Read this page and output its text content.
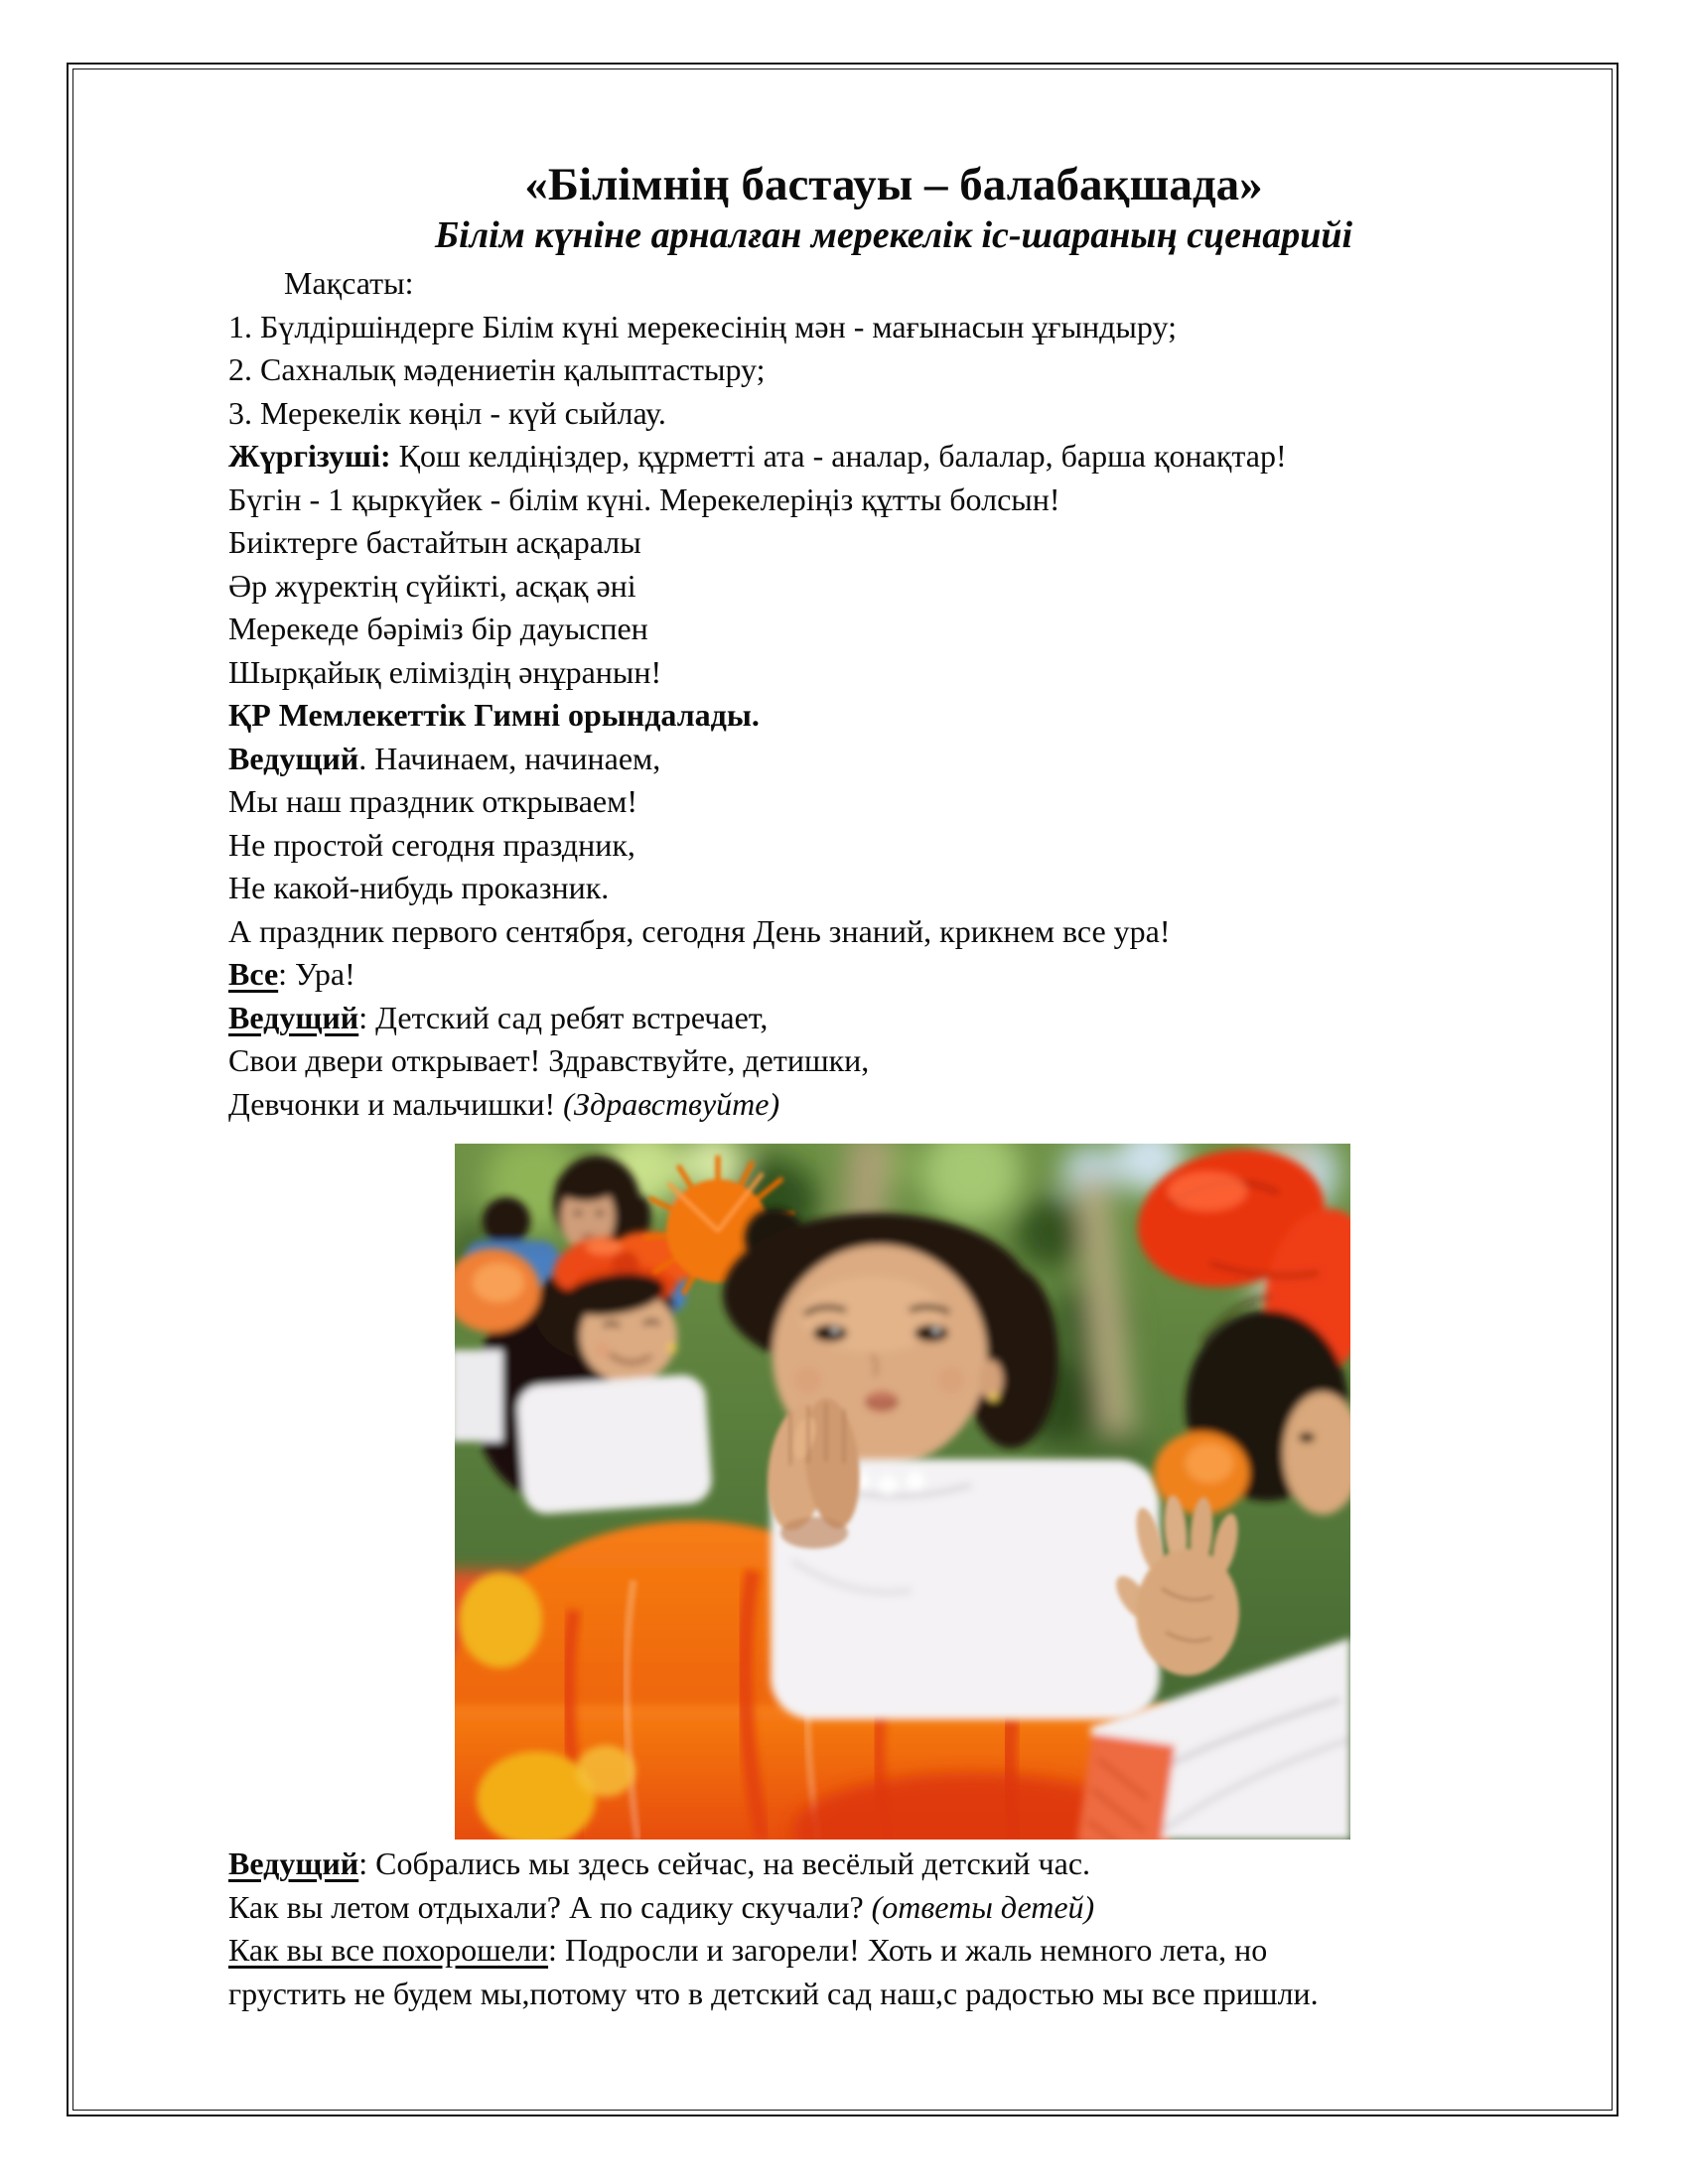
«Білімнің бастауы – балабақшада»
Білім күніне арналған мерекелік іс-шараның сценарийі
Мақсаты:
1. Бүлдіршіндерге Білім күні мерекесінің мән - мағынасын ұғындыру;
2. Сахналық мәдениетін қалыптастыру;
3. Мерекелік көңіл - күй сыйлау.
Жүргізуші: Қош келдіңіздер, құрметті ата - аналар, балалар, барша қонақтар!
Бүгін - 1 қыркүйек - білім күні. Мерекелеріңіз құтты болсын!
Биіктерге бастайтын асқаралы
Әр жүректің сүйікті, асқақ әні
Мерекеде бәріміз бір дауыспен
Шырқайық еліміздің әнұранын!
ҚР Мемлекеттік Гимні орындалады.
Ведущий. Начинаем, начинаем,
Мы наш праздник открываем!
Не простой сегодня праздник,
Не какой-нибудь проказник.
А праздник первого сентября, сегодня День знаний, крикнем все ура!
Все: Ура!
Ведущий: Детский сад ребят встречает,
Свои двери открывает! Здравствуйте, детишки,
Девчонки и мальчишки! (Здравствуйте)
Ведущий: Собрались мы здесь сейчас, на весёлый детский час.
Как вы летом отдыхали? А по садику скучали? (ответы детей)
Как вы все похорошели: Подросли и загорели! Хоть и жаль немного лета, но
грустить не будем мы,потому что в детский сад наш,с радостью мы все пришли.
